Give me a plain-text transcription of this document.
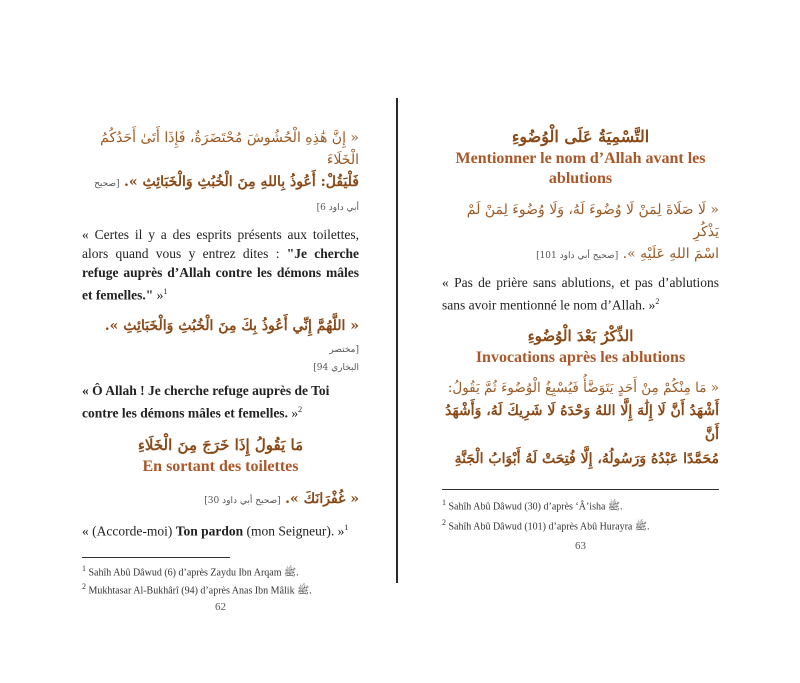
« إِنَّ هَٰذِهِ الْحُشُوشَ مُحْتَضَرَةٌ، فَإِذَا أَتَىٰ أَحَدُكُمُ الْخَلَاءَ
فَلْيَقُلْ: أَعُوذُ بِاللهِ مِنَ الْخُبُثِ وَالْخَبَائِثِ ». [صحيح أبي داود 6]

« Certes il y a des esprits présents aux toilettes, alors quand vous y entrez dites : "Je cherche refuge auprès d’Allah contre les démons mâles et femelles." »$^1$

« اللَّهُمَّ إِنِّي أَعُوذُ بِكَ مِنَ الْخُبُثِ وَالْخَبَائِثِ ». [مختصر
البخاري 94]

« Ô Allah ! Je cherche refuge auprès de Toi contre les démons mâles et femelles. »$^2$

مَا يَقُولُ إِذَا خَرَجَ مِنَ الْخَلَاءِ
En sortant des toilettes
« غُفْرَانَكَ ». [صحيح أبي داود 30]

« (Accorde-moi) Ton pardon (mon Seigneur). »$^1$

$^1$ Sahîh Abû Dâwud (6) d’après Zaydu Ibn Arqam ﷺ.
$^2$ Mukhtasar Al-Bukhârî (94) d’après Anas Ibn Mâlik ﷺ.
62
التَّسْمِيَةُ عَلَى الْوُضُوءِ
Mentionner le nom d’Allah avant les ablutions
« لَا صَلَاةَ لِمَنْ لَا وُضُوءَ لَهُ، وَلَا وُضُوءَ لِمَنْ لَمْ يَذْكُرِ
اسْمَ اللهِ عَلَيْهِ ». [صحيح أبي داود 101]

« Pas de prière sans ablutions, et pas d’ablutions sans avoir mentionné le nom d’Allah. »$^2$

الذِّكْرُ بَعْدَ الْوُضُوءِ
Invocations après les ablutions
« مَا مِنْكُمْ مِنْ أَحَدٍ يَتَوَضَّأُ فَيُسْبِغُ الْوُضُوءَ ثُمَّ يَقُولُ:
أَشْهَدُ أَنَّ لَا إِلَٰهَ إِلَّا اللهُ وَحْدَهُ لَا شَرِيكَ لَهُ، وَأَشْهَدُ أَنَّ
مُحَمَّدًا عَبْدُهُ وَرَسُولُهُ، إِلَّا فُتِحَتْ لَهُ أَبْوَابُ الْجَنَّةِ
$^1$ Sahîh Abû Dâwud (30) d’après ‘Â’isha ﷺ.
$^2$ Sahîh Abû Dâwud (101) d’après Abû Hurayra ﷺ.
63
